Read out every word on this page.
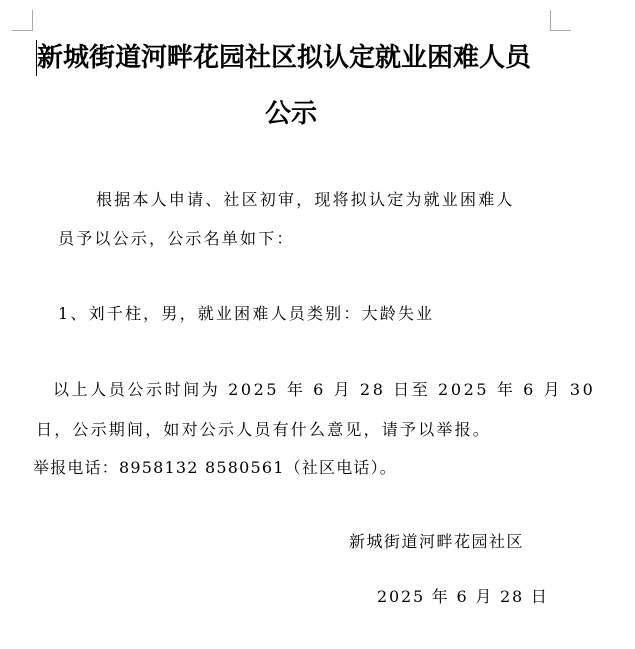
新城街道河畔花园社区拟认定就业困难人员
公示
根据本人申请、社区初审，现将拟认定为就业困难人
员予以公示，公示名单如下：
1、刘千柱，男，就业困难人员类别：大龄失业
以上人员公示时间为 2025 年 6 月 28 日至 2025 年 6 月 30
日，公示期间，如对公示人员有什么意见，请予以举报。
举报电话：8958132 8580561（社区电话）。
新城街道河畔花园社区
2025 年 6 月 28 日
